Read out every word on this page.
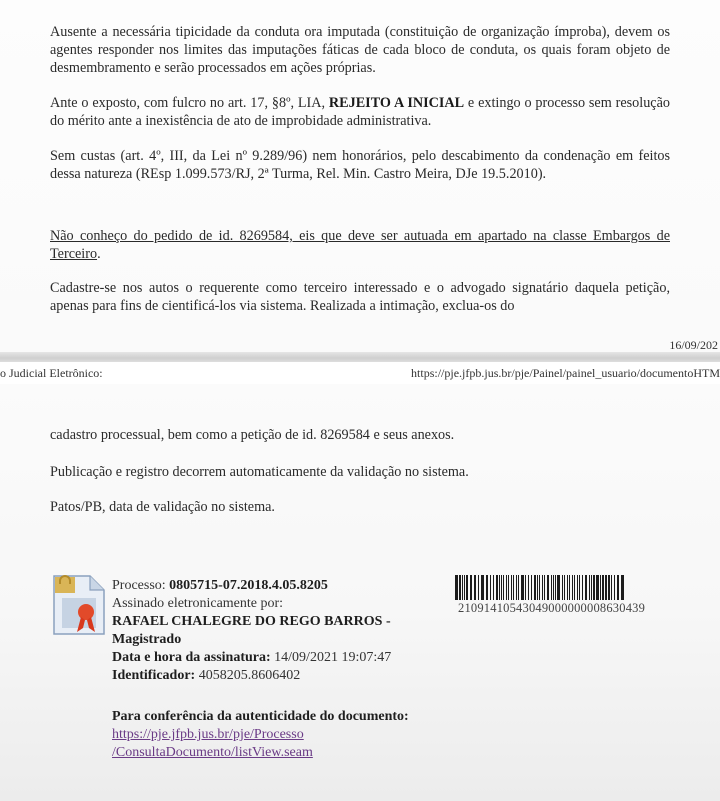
Ausente a necessária tipicidade da conduta ora imputada (constituição de organização ímproba), devem os agentes responder nos limites das imputações fáticas de cada bloco de conduta, os quais foram objeto de desmembramento e serão processados em ações próprias.

Ante o exposto, com fulcro no art. 17, §8º, LIA, REJEITO A INICIAL e extingo o processo sem resolução do mérito ante a inexistência de ato de improbidade administrativa.

Sem custas (art. 4º, III, da Lei nº 9.289/96) nem honorários, pelo descabimento da condenação em feitos dessa natureza (REsp 1.099.573/RJ, 2ª Turma, Rel. Min. Castro Meira, DJe 19.5.2010).

Não conheço do pedido de id. 8269584, eis que deve ser autuada em apartado na classe Embargos de Terceiro.

Cadastre-se nos autos o requerente como terceiro interessado e o advogado signatário daquela petição, apenas para fins de cientificá-los via sistema. Realizada a intimação, exclua-os do

16/09/202
o Judicial Eletrônico:	https://pje.jfpb.jus.br/pje/Painel/painel_usuario/documentoHTM

cadastro processual, bem como a petição de id. 8269584 e seus anexos.

Publicação e registro decorrem automaticamente da validação no sistema.

Patos/PB, data de validação no sistema.

Processo: 0805715-07.2018.4.05.8205
Assinado eletronicamente por:
RAFAEL CHALEGRE DO REGO BARROS - Magistrado
Data e hora da assinatura: 14/09/2021 19:07:47
Identificador: 4058205.8606402
21091410543049000000008630439
Para conferência da autenticidade do documento:
https://pje.jfpb.jus.br/pje/Processo
/ConsultaDocumento/listView.seam
